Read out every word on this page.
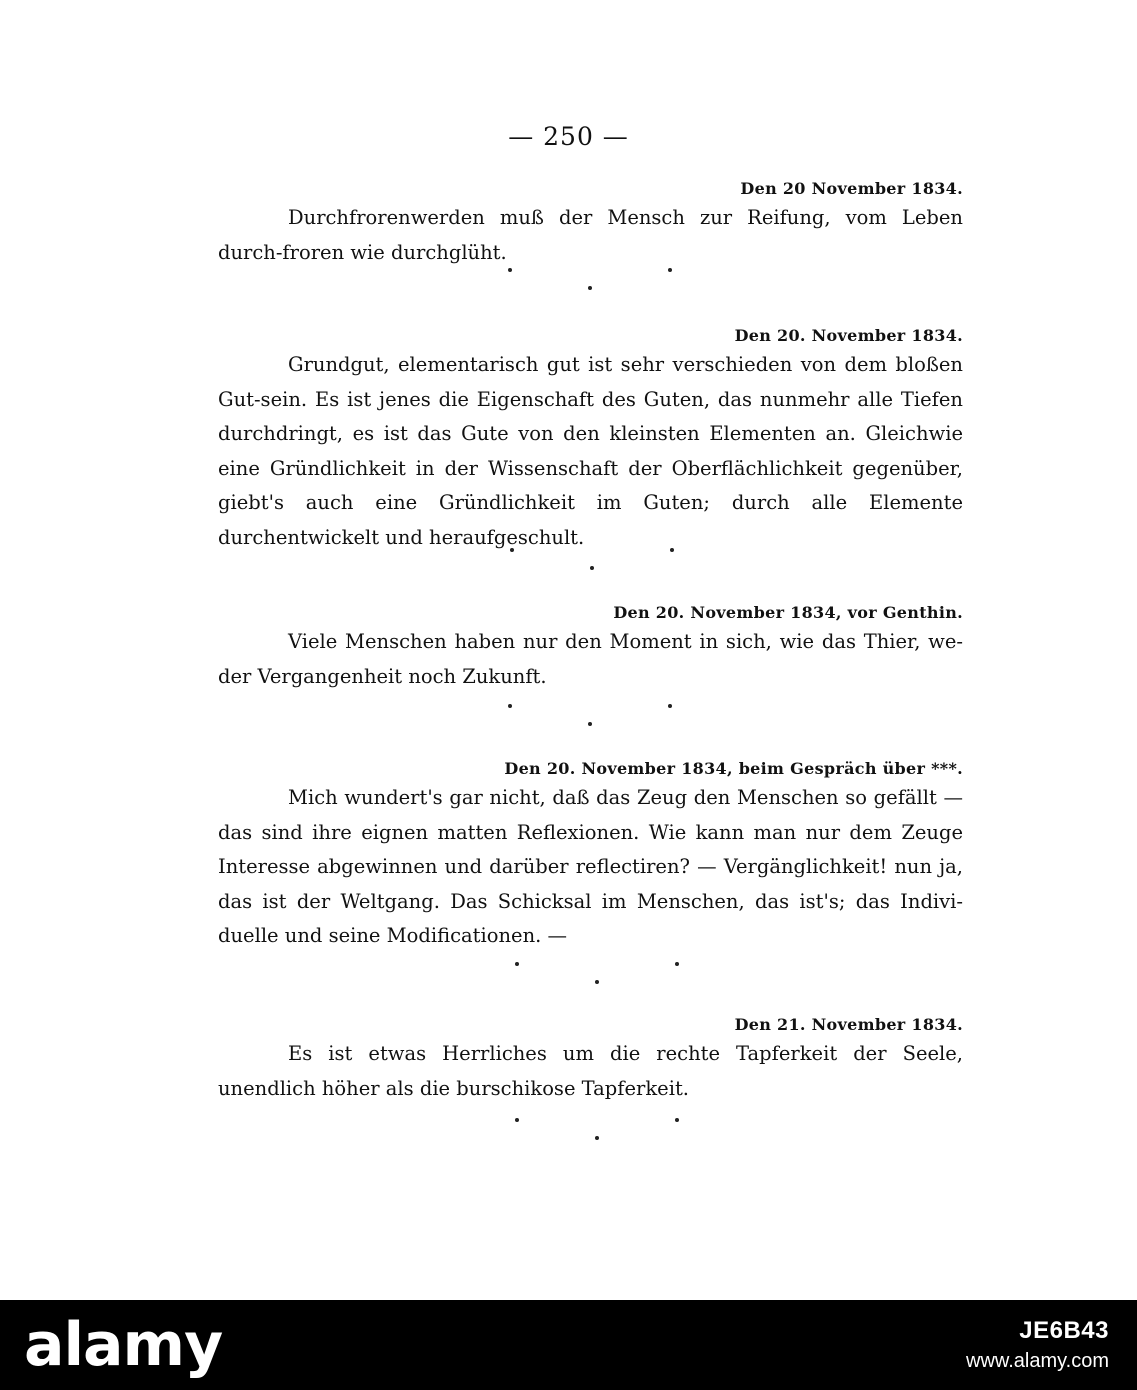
— 250 —
Den 20 November 1834.

Durchfrorenwerden muß der Mensch zur Reifung, vom Leben durch-froren wie durchglüht.

Den 20. November 1834.

Grundgut, elementarisch gut ist sehr verschieden von dem bloßen Gut-sein. Es ist jenes die Eigenschaft des Guten, das nunmehr alle Tiefen durchdringt, es ist das Gute von den kleinsten Elementen an. Gleichwie eine Gründlichkeit in der Wissenschaft der Oberflächlichkeit gegenüber, giebt's auch eine Gründlichkeit im Guten; durch alle Elemente durchentwickelt und heraufgeschult.

Den 20. November 1834, vor Genthin.

Viele Menschen haben nur den Moment in sich, wie das Thier, we-der Vergangenheit noch Zukunft.

Den 20. November 1834, beim Gespräch über ***.

Mich wundert's gar nicht, daß das Zeug den Menschen so gefällt — das sind ihre eignen matten Reflexionen. Wie kann man nur dem Zeuge Interesse abgewinnen und darüber reflectiren? — Vergänglichkeit! nun ja, das ist der Weltgang. Das Schicksal im Menschen, das ist's; das Indivi-duelle und seine Modificationen. —

Den 21. November 1834.

Es ist etwas Herrliches um die rechte Tapferkeit der Seele, unendlich höher als die burschikose Tapferkeit.

alamy	JE6B43
www.alamy.com
